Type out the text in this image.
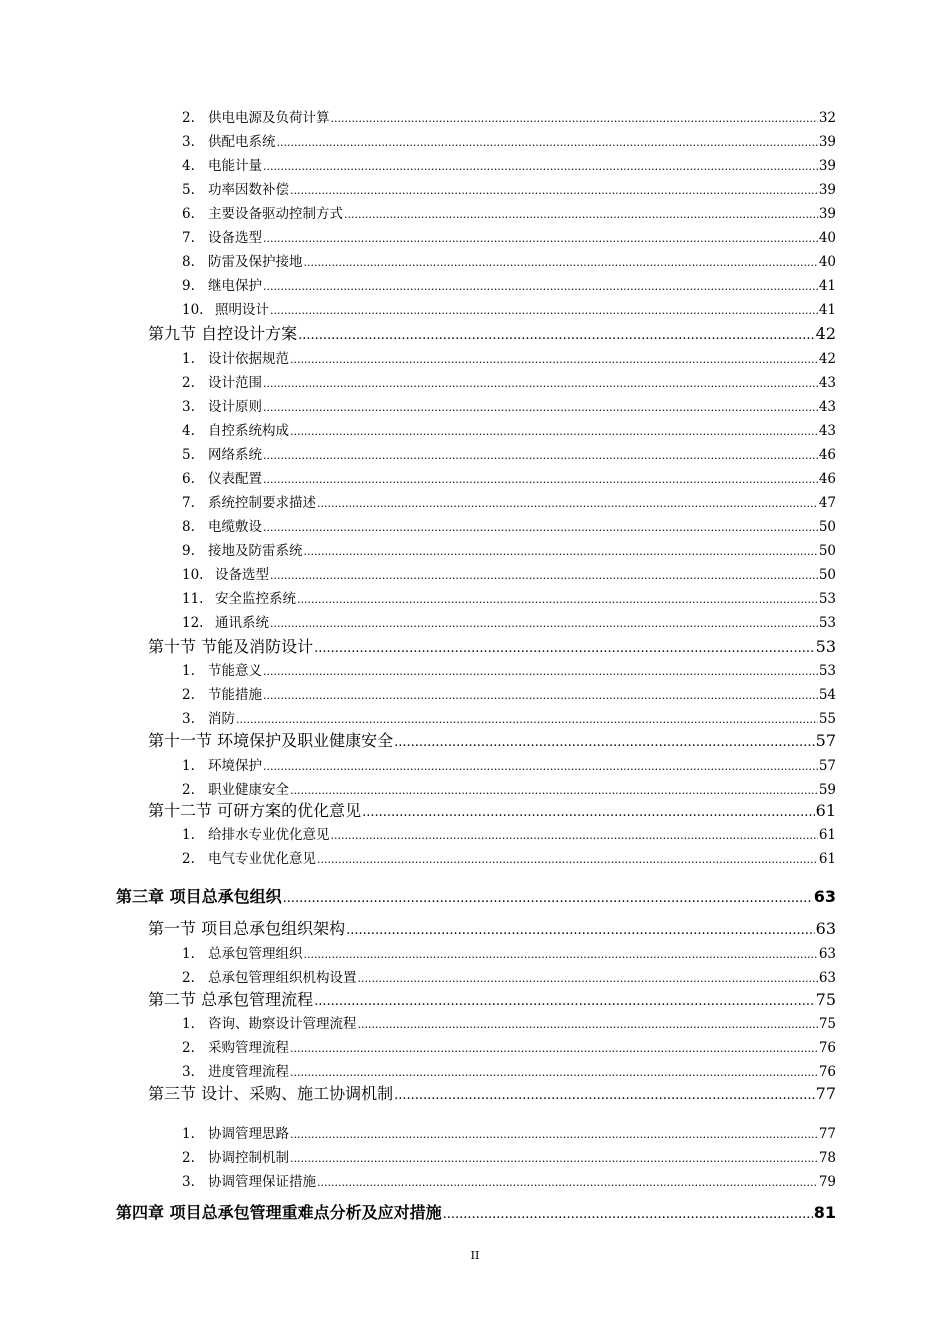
2. 供电电源及负荷计算 .....	32
3. 供配电系统 .....	39
4. 电能计量 .....	39
5. 功率因数补偿 .....	39
6. 主要设备驱动控制方式 .....	39
7. 设备选型 .....	40
8. 防雷及保护接地 .....	40
9. 继电保护 .....	41
10. 照明设计 .....	41
第九节 自控设计方案 .....	42
1. 设计依据规范 .....	42
2. 设计范围 .....	43
3. 设计原则 .....	43
4. 自控系统构成 .....	43
5. 网络系统 .....	46
6. 仪表配置 .....	46
7. 系统控制要求描述 .....	47
8. 电缆敷设 .....	50
9. 接地及防雷系统 .....	50
10. 设备选型 .....	50
11. 安全监控系统 .....	53
12. 通讯系统 .....	53
第十节 节能及消防设计 .....	53
1. 节能意义 .....	53
2. 节能措施 .....	54
3. 消防 .....	55
第十一节 环境保护及职业健康安全 .....	57
1. 环境保护 .....	57
2. 职业健康安全 .....	59
第十二节 可研方案的优化意见 .....	61
1. 给排水专业优化意见 .....	61
2. 电气专业优化意见 .....	61
第三章 项目总承包组织 .....	63
第一节 项目总承包组织架构 .....	63
1. 总承包管理组织 .....	63
2. 总承包管理组织机构设置 .....	63
第二节 总承包管理流程 .....	75
1. 咨询、勘察设计管理流程 .....	75
2. 采购管理流程 .....	76
3. 进度管理流程 .....	76
第三节 设计、采购、施工协调机制 .....	77
1. 协调管理思路 .....	77
2. 协调控制机制 .....	78
3. 协调管理保证措施 .....	79
第四章 项目总承包管理重难点分析及应对措施 .....	81
II
